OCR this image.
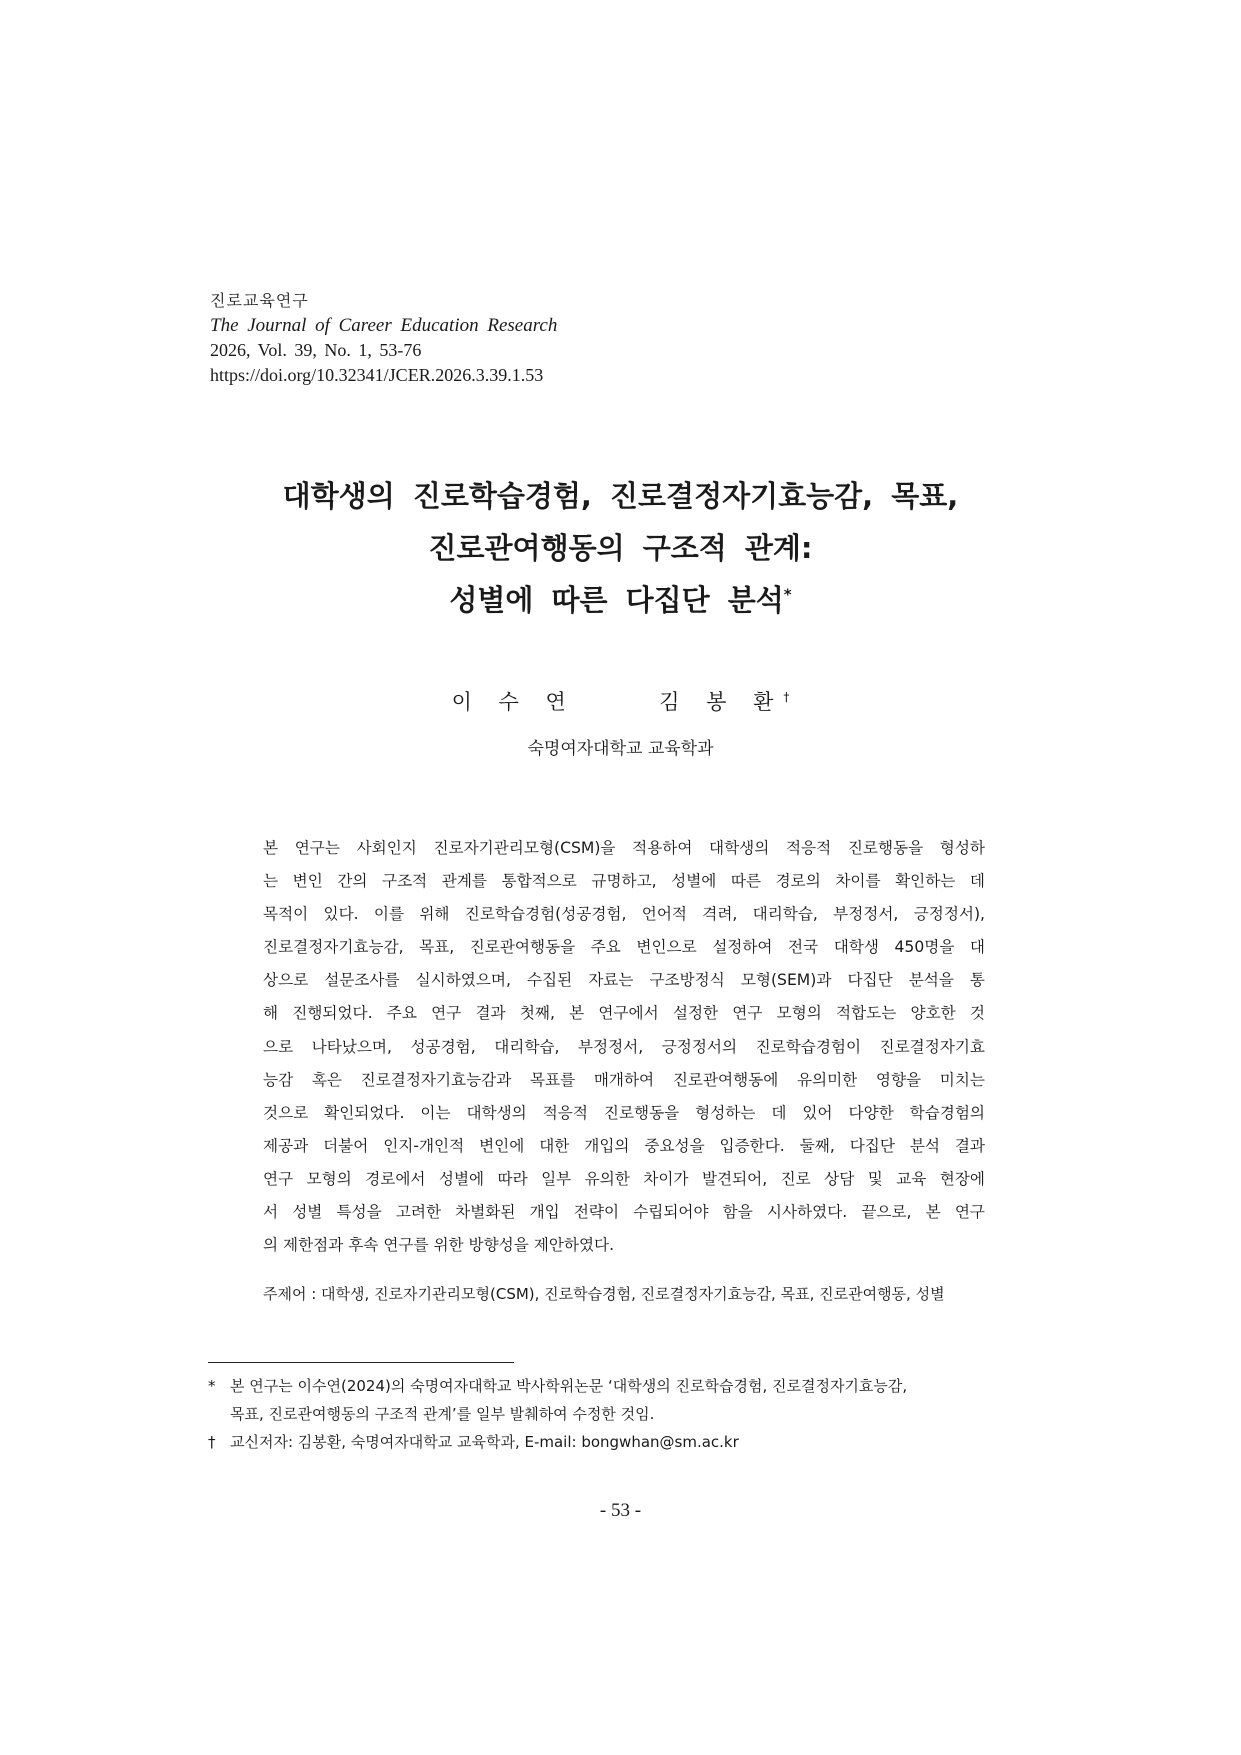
진로교육연구
The Journal of Career Education Research
2026, Vol. 39, No. 1, 53-76
https://doi.org/10.32341/JCER.2026.3.39.1.53
대학생의 진로학습경험, 진로결정자기효능감, 목표,
진로관여행동의 구조적 관계:
성별에 따른 다집단 분석*
이 수 연	김 봉 환†
숙명여자대학교 교육학과
본 연구는 사회인지 진로자기관리모형(CSM)을 적용하여 대학생의 적응적 진로행동을 형성하
는 변인 간의 구조적 관계를 통합적으로 규명하고, 성별에 따른 경로의 차이를 확인하는 데
목적이 있다. 이를 위해 진로학습경험(성공경험, 언어적 격려, 대리학습, 부정정서, 긍정정서),
진로결정자기효능감, 목표, 진로관여행동을 주요 변인으로 설정하여 전국 대학생 450명을 대
상으로 설문조사를 실시하였으며, 수집된 자료는 구조방정식 모형(SEM)과 다집단 분석을 통
해 진행되었다. 주요 연구 결과 첫째, 본 연구에서 설정한 연구 모형의 적합도는 양호한 것
으로 나타났으며, 성공경험, 대리학습, 부정정서, 긍정정서의 진로학습경험이 진로결정자기효
능감 혹은 진로결정자기효능감과 목표를 매개하여 진로관여행동에 유의미한 영향을 미치는
것으로 확인되었다. 이는 대학생의 적응적 진로행동을 형성하는 데 있어 다양한 학습경험의
제공과 더불어 인지-개인적 변인에 대한 개입의 중요성을 입증한다. 둘째, 다집단 분석 결과
연구 모형의 경로에서 성별에 따라 일부 유의한 차이가 발견되어, 진로 상담 및 교육 현장에
서 성별 특성을 고려한 차별화된 개입 전략이 수립되어야 함을 시사하였다. 끝으로, 본 연구
의 제한점과 후속 연구를 위한 방향성을 제안하였다.
주제어 : 대학생, 진로자기관리모형(CSM), 진로학습경험, 진로결정자기효능감, 목표, 진로관여행동, 성별
* 본 연구는 이수연(2024)의 숙명여자대학교 박사학위논문 ‘대학생의 진로학습경험, 진로결정자기효능감,
목표, 진로관여행동의 구조적 관계’를 일부 발췌하여 수정한 것임.
† 교신저자: 김봉환, 숙명여자대학교 교육학과, E-mail: bongwhan@sm.ac.kr
- 53 -
